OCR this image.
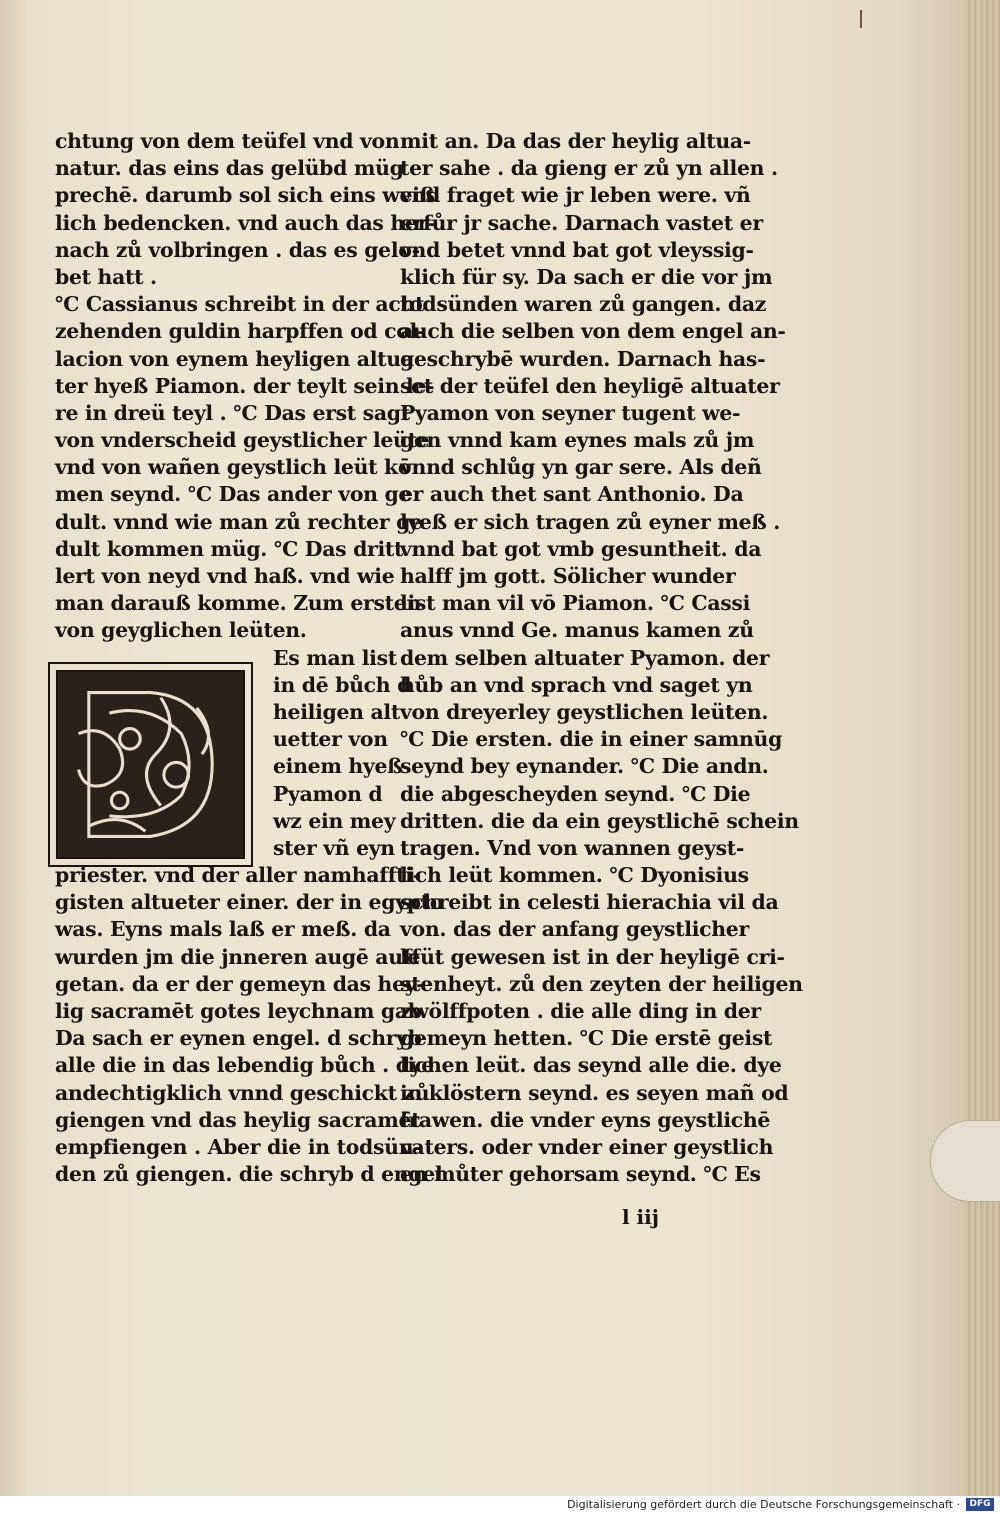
chtung von dem teüfel vnd von
natur. das eins das gelübd müg
prechē. darumb sol sich eins weiß
lich bedencken. vnd auch das her-
nach zů volbringen . das es gelo-
bet hatt .
℃ Cassianus schreibt in der acht
zehenden guldin harpffen od col-
lacion von eynem heyligen altua
ter hyeß Piamon. der teylt sein le-
re in dreü teyl . ℃ Das erst sagt
von vnderscheid geystlicher leüte
vnd von wañen geystlich leüt kō
men seynd. ℃ Das ander von ge
dult. vnnd wie man zů rechter ge
dult kommen müg. ℃ Das dritt
lert von neyd vnd haß. vnd wie
man darauß komme. Zum ersten
von geyglichen leüten.
Es man list
in dē bůch d
heiligen alt
uetter von
einem hyeß
Pyamon d
wz ein mey
ster vñ eyn
priester. vnd der aller namhaffti-
gisten altueter einer. der in egypto
was. Eyns mals laß er meß. da
wurden jm die jnneren augē auff
getan. da er der gemeyn das hey-
lig sacramēt gotes leychnam gab
Da sach er eynen engel. d schryb
alle die in das lebendig bůch . dye
andechtigklich vnnd geschickt zů
giengen vnd das heylig sacramēt
empfiengen . Aber die in todsün-
den zů giengen. die schryb d engel
mit an. Da das der heylig altua-
ter sahe . da gieng er zů yn allen .
vnd fraget wie jr leben were. vñ
erfůr jr sache. Darnach vastet er
vnd betet vnnd bat got vleyssig-
klich für sy. Da sach er die vor jm
todsünden waren zů gangen. daz
auch die selben von dem engel an-
geschrybē wurden. Darnach has-
set der teüfel den heyligē altuater
Pyamon von seyner tugent we-
gen vnnd kam eynes mals zů jm
vnnd schlůg yn gar sere. Als deñ
er auch thet sant Anthonio. Da
lyeß er sich tragen zů eyner meß .
vnnd bat got vmb gesuntheit. da
halff jm gott. Sölicher wunder
list man vil vō Piamon. ℃ Cassi
anus vnnd Ge. manus kamen zů
dem selben altuater Pyamon. der
hůb an vnd sprach vnd saget yn
von dreyerley geystlichen leüten.
℃ Die ersten. die in einer samnūg
seynd bey eynander. ℃ Die andn.
die abgescheyden seynd. ℃ Die
dritten. die da ein geystlichē schein
tragen. Vnd von wannen geyst-
lich leüt kommen. ℃ Dyonisius
schreibt in celesti hierachia vil da
von. das der anfang geystlicher
leüt gewesen ist in der heyligē cri-
stenheyt. zů den zeyten der heiligen
zwölffpoten . die alle ding in der
gemeyn hetten. ℃ Die erstē geist
lichen leüt. das seynd alle die. dye
in klöstern seynd. es seyen mañ od
frawen. die vnder eyns geystlichē
vaters. oder vnder einer geystlich
en můter gehorsam seynd. ℃ Es
l iij
Digitalisierung gefördert durch die Deutsche Forschungsgemeinschaft ·	DFG
